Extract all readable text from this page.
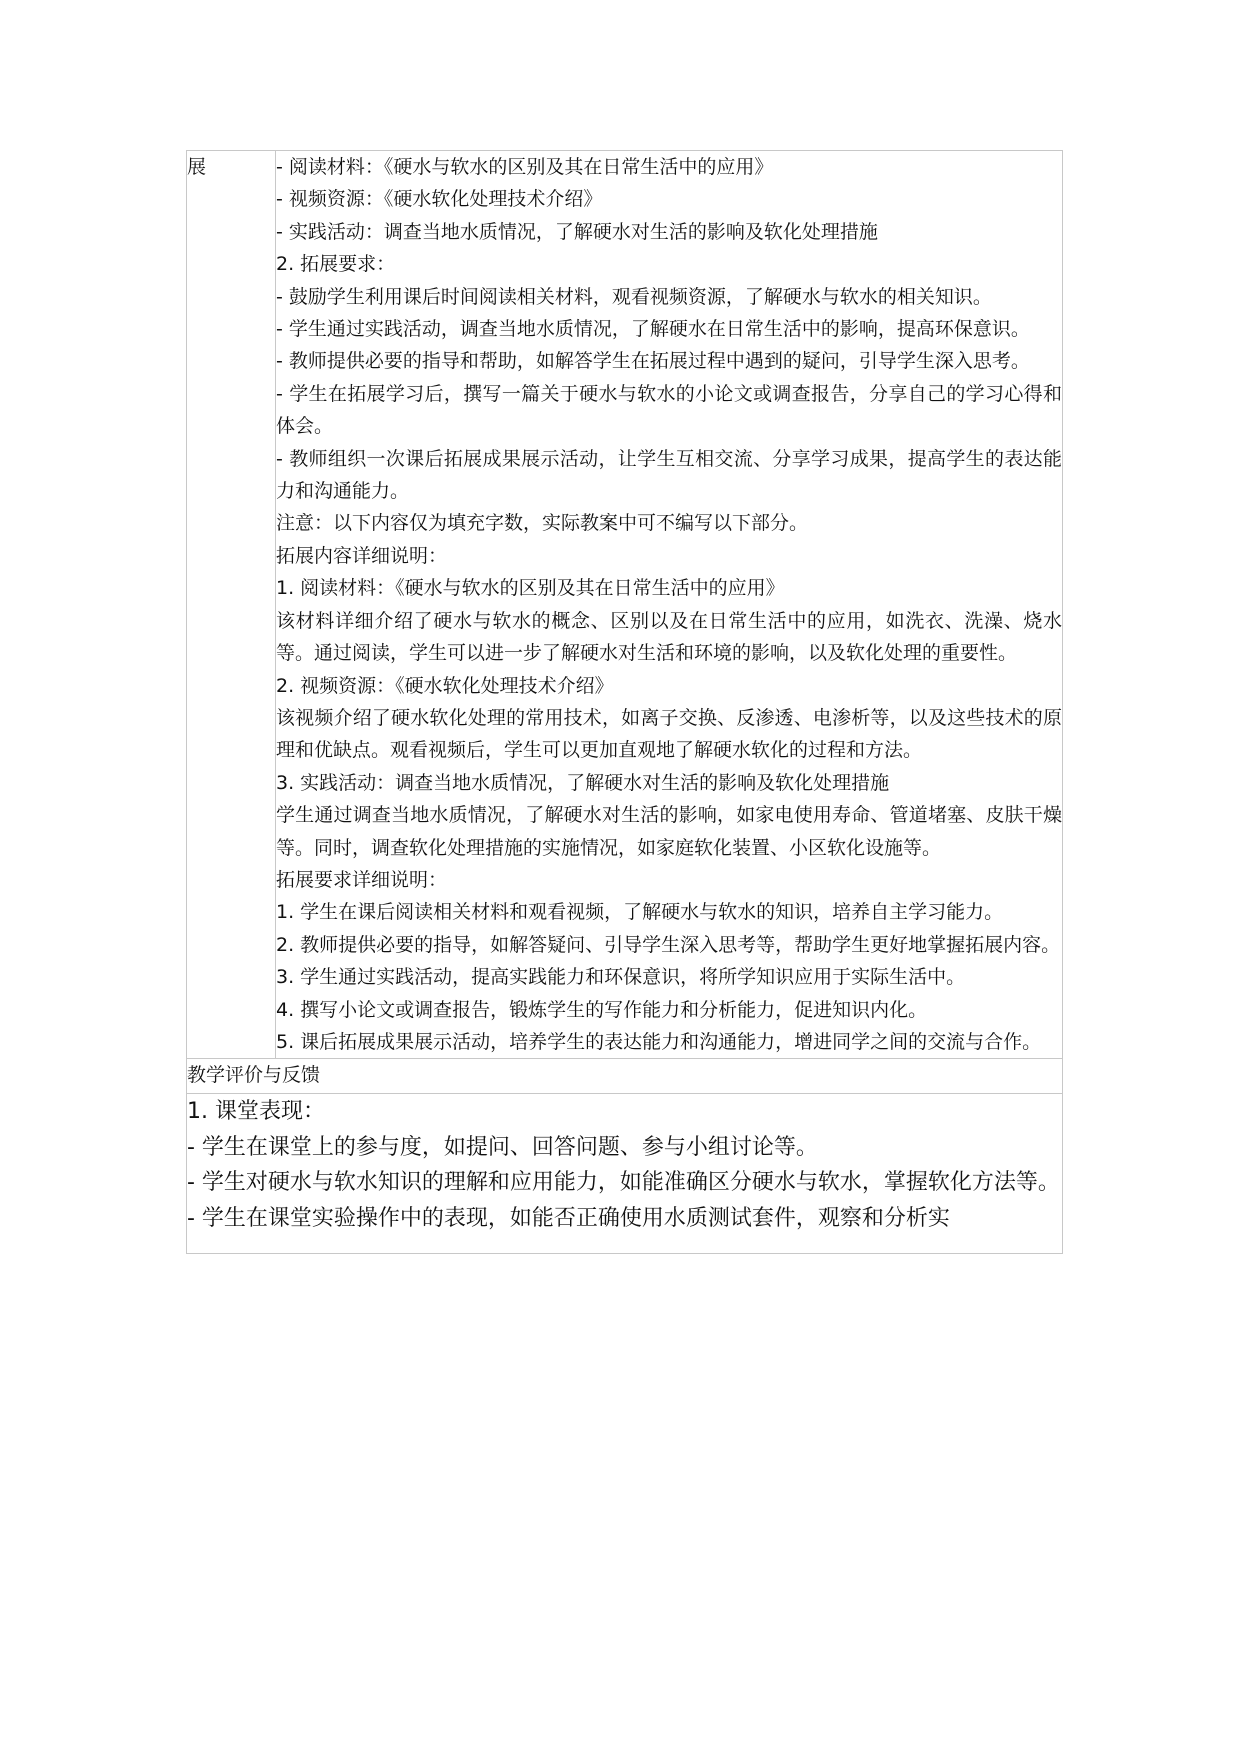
展	- 阅读材料：《硬水与软水的区别及其在日常生活中的应用》
- 视频资源：《硬水软化处理技术介绍》
- 实践活动：调查当地水质情况，了解硬水对生活的影响及软化处理措施
2. 拓展要求：
- 鼓励学生利用课后时间阅读相关材料，观看视频资源，了解硬水与软水的相关知识。
- 学生通过实践活动，调查当地水质情况，了解硬水在日常生活中的影响，提高环保意识。
- 教师提供必要的指导和帮助，如解答学生在拓展过程中遇到的疑问，引导学生深入思考。
- 学生在拓展学习后，撰写一篇关于硬水与软水的小论文或调查报告，分享自己的学习心得和体会。
- 教师组织一次课后拓展成果展示活动，让学生互相交流、分享学习成果，提高学生的表达能力和沟通能力。
注意：以下内容仅为填充字数，实际教案中可不编写以下部分。
拓展内容详细说明：
1. 阅读材料：《硬水与软水的区别及其在日常生活中的应用》
该材料详细介绍了硬水与软水的概念、区别以及在日常生活中的应用，如洗衣、洗澡、烧水等。通过阅读，学生可以进一步了解硬水对生活和环境的影响，以及软化处理的重要性。
2. 视频资源：《硬水软化处理技术介绍》
该视频介绍了硬水软化处理的常用技术，如离子交换、反渗透、电渗析等，以及这些技术的原理和优缺点。观看视频后，学生可以更加直观地了解硬水软化的过程和方法。
3. 实践活动：调查当地水质情况，了解硬水对生活的影响及软化处理措施
学生通过调查当地水质情况，了解硬水对生活的影响，如家电使用寿命、管道堵塞、皮肤干燥等。同时，调查软化处理措施的实施情况，如家庭软化装置、小区软化设施等。
拓展要求详细说明：
1. 学生在课后阅读相关材料和观看视频，了解硬水与软水的知识，培养自主学习能力。
2. 教师提供必要的指导，如解答疑问、引导学生深入思考等，帮助学生更好地掌握拓展内容。
3. 学生通过实践活动，提高实践能力和环保意识，将所学知识应用于实际生活中。
4. 撰写小论文或调查报告，锻炼学生的写作能力和分析能力，促进知识内化。
5. 课后拓展成果展示活动，培养学生的表达能力和沟通能力，增进同学之间的交流与合作。

教学评价与反馈

1. 课堂表现：
- 学生在课堂上的参与度，如提问、回答问题、参与小组讨论等。
- 学生对硬水与软水知识的理解和应用能力，如能准确区分硬水与软水，掌握软化方法等。
- 学生在课堂实验操作中的表现，如能否正确使用水质测试套件，观察和分析实
